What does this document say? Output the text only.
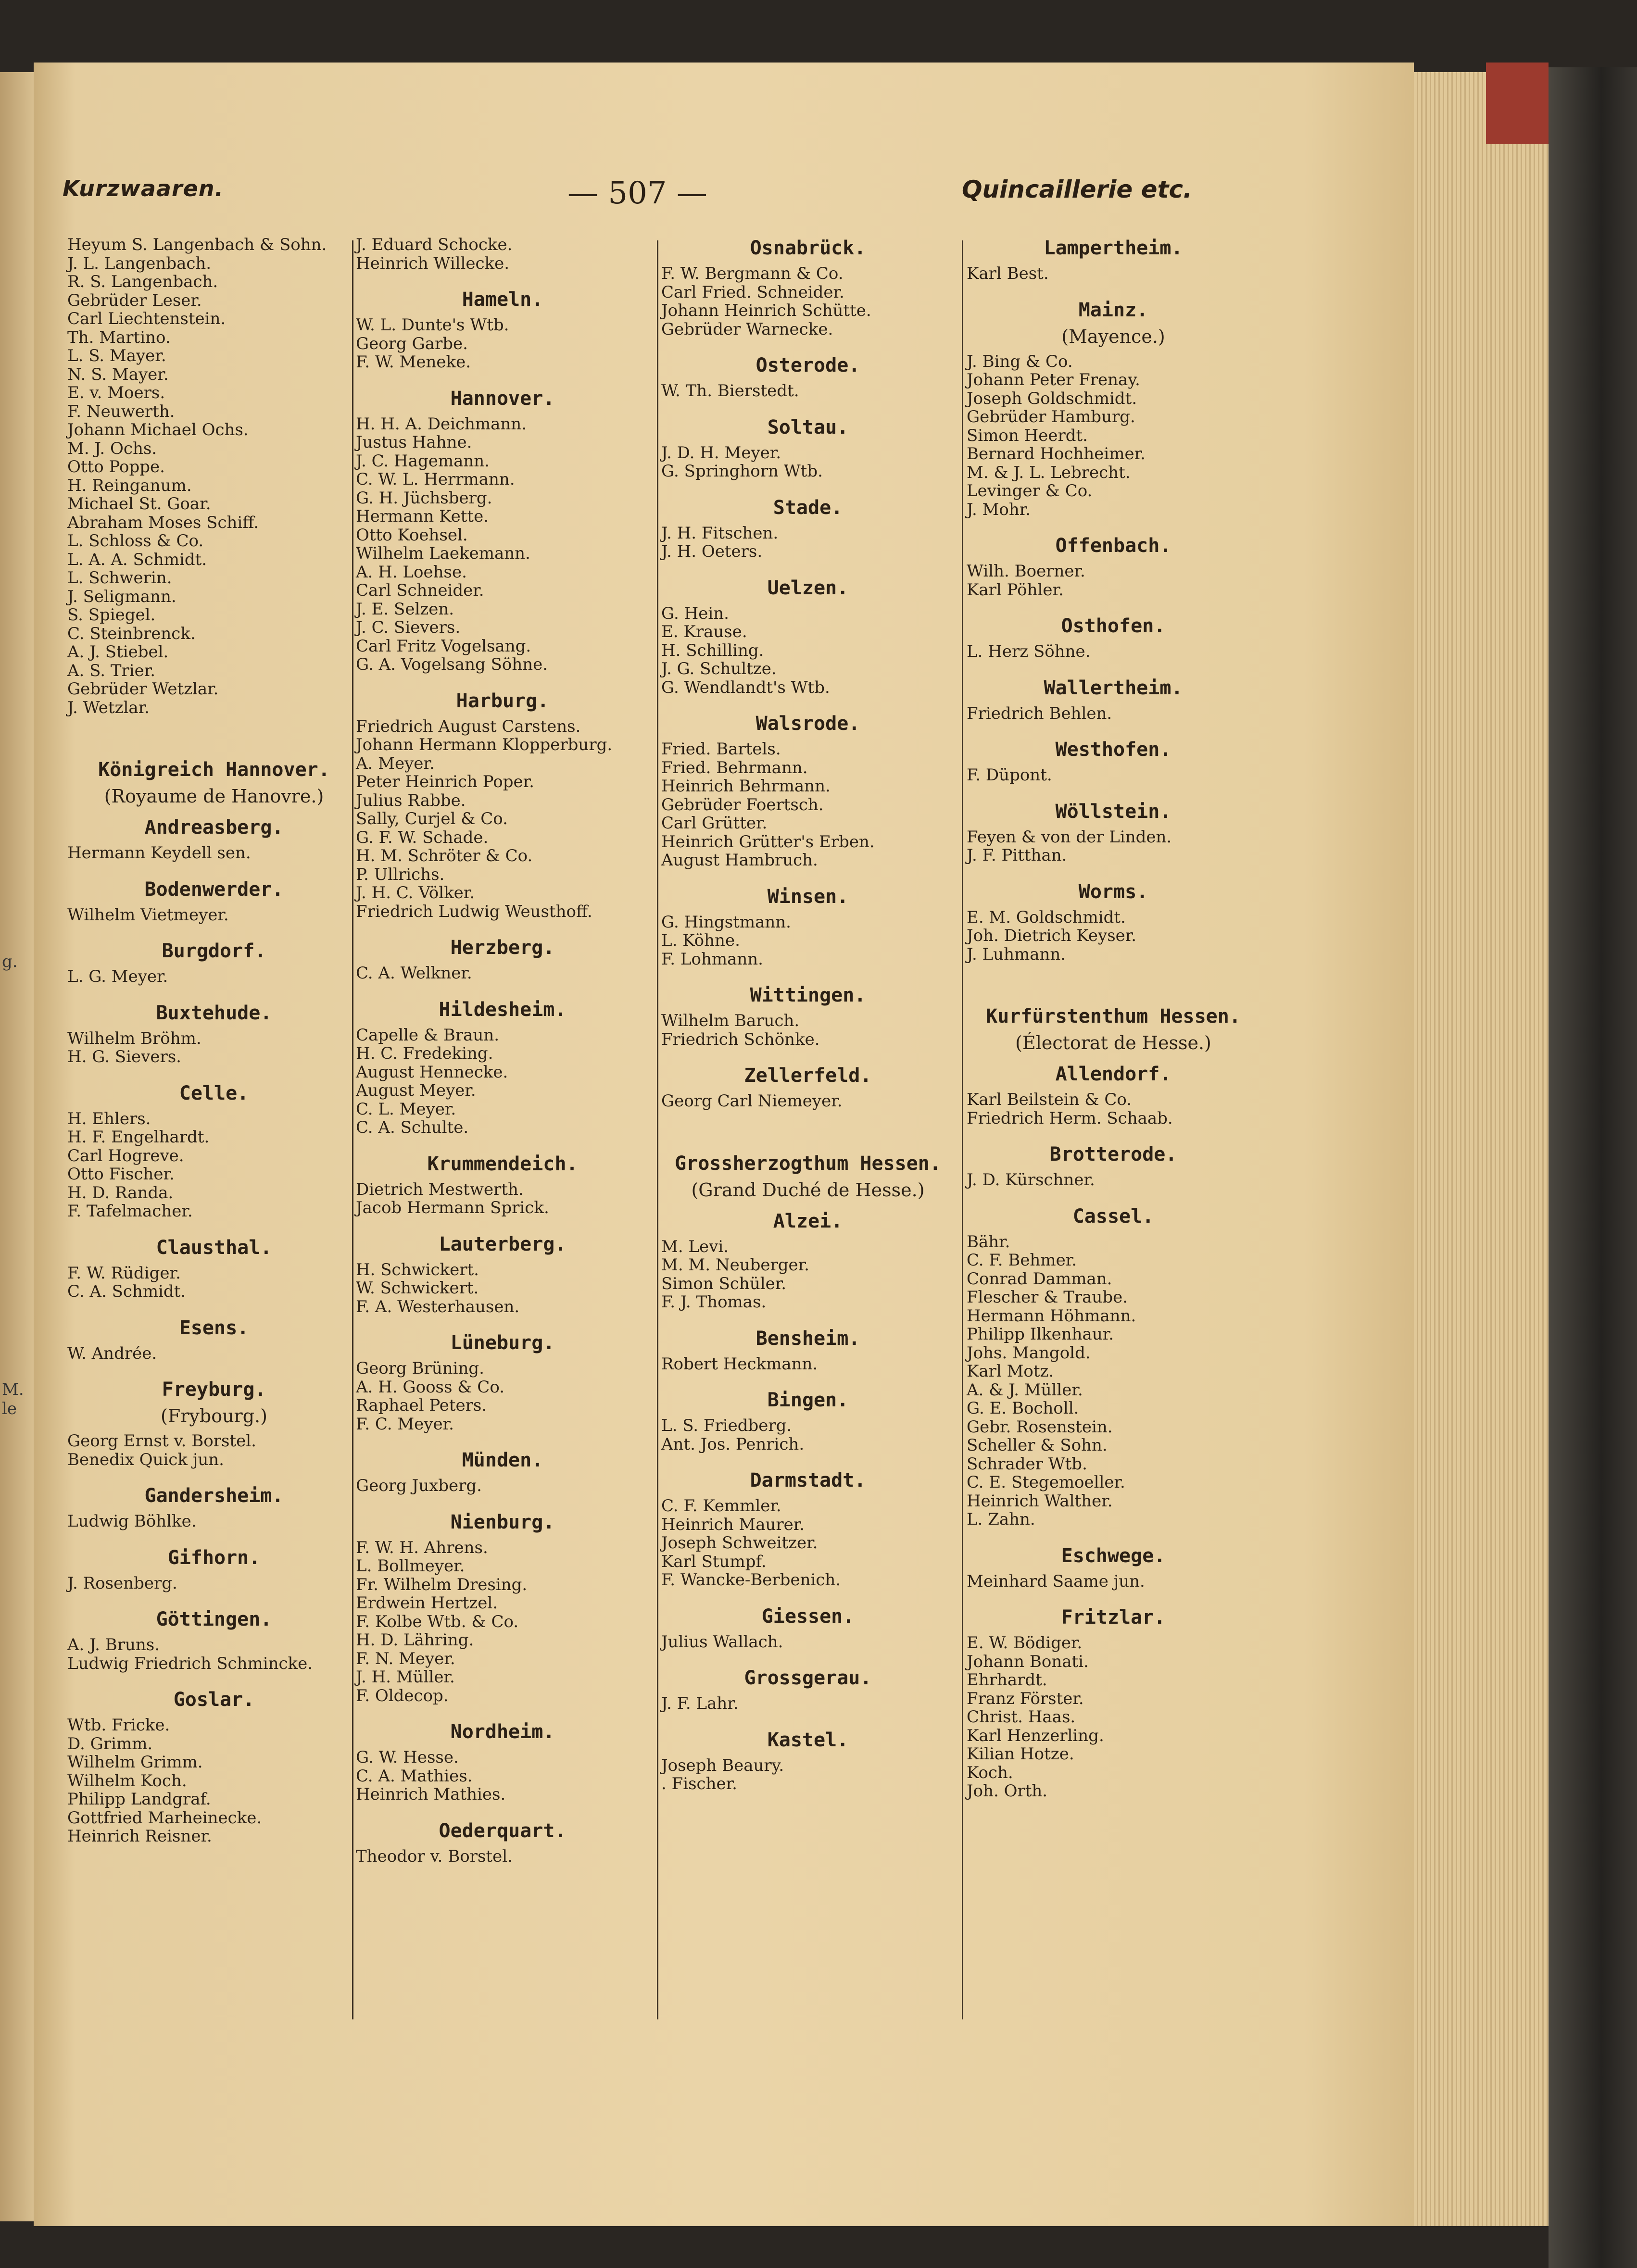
g.
M.
le
Kurzwaaren.	— 507 —	Quincaillerie etc.
Heyum S. Langenbach & Sohn.
J. L. Langenbach.
R. S. Langenbach.
Gebrüder Leser.
Carl Liechtenstein.
Th. Martino.
L. S. Mayer.
N. S. Mayer.
E. v. Moers.
F. Neuwerth.
Johann Michael Ochs.
M. J. Ochs.
Otto Poppe.
H. Reinganum.
Michael St. Goar.
Abraham Moses Schiff.
L. Schloss & Co.
L. A. A. Schmidt.
L. Schwerin.
J. Seligmann.
S. Spiegel.
C. Steinbrenck.
A. J. Stiebel.
A. S. Trier.
Gebrüder Wetzlar.
J. Wetzlar.
Königreich Hannover.
(Royaume de Hanovre.)
Andreasberg.
Hermann Keydell sen.
Bodenwerder.
Wilhelm Vietmeyer.
Burgdorf.
L. G. Meyer.
Buxtehude.
Wilhelm Bröhm.
H. G. Sievers.
Celle.
H. Ehlers.
H. F. Engelhardt.
Carl Hogreve.
Otto Fischer.
H. D. Randa.
F. Tafelmacher.
Clausthal.
F. W. Rüdiger.
C. A. Schmidt.
Esens.
W. Andrée.
Freyburg.
(Frybourg.)
Georg Ernst v. Borstel.
Benedix Quick jun.
Gandersheim.
Ludwig Böhlke.
Gifhorn.
J. Rosenberg.
Göttingen.
A. J. Bruns.
Ludwig Friedrich Schmincke.
Goslar.
Wtb. Fricke.
D. Grimm.
Wilhelm Grimm.
Wilhelm Koch.
Philipp Landgraf.
Gottfried Marheinecke.
Heinrich Reisner.
J. Eduard Schocke.
Heinrich Willecke.
Hameln.
W. L. Dunte's Wtb.
Georg Garbe.
F. W. Meneke.
Hannover.
H. H. A. Deichmann.
Justus Hahne.
J. C. Hagemann.
C. W. L. Herrmann.
G. H. Jüchsberg.
Hermann Kette.
Otto Koehsel.
Wilhelm Laekemann.
A. H. Loehse.
Carl Schneider.
J. E. Selzen.
J. C. Sievers.
Carl Fritz Vogelsang.
G. A. Vogelsang Söhne.
Harburg.
Friedrich August Carstens.
Johann Hermann Klopperburg.
A. Meyer.
Peter Heinrich Poper.
Julius Rabbe.
Sally, Curjel & Co.
G. F. W. Schade.
H. M. Schröter & Co.
P. Ullrichs.
J. H. C. Völker.
Friedrich Ludwig Weusthoff.
Herzberg.
C. A. Welkner.
Hildesheim.
Capelle & Braun.
H. C. Fredeking.
August Hennecke.
August Meyer.
C. L. Meyer.
C. A. Schulte.
Krummendeich.
Dietrich Mestwerth.
Jacob Hermann Sprick.
Lauterberg.
H. Schwickert.
W. Schwickert.
F. A. Westerhausen.
Lüneburg.
Georg Brüning.
A. H. Gooss & Co.
Raphael Peters.
F. C. Meyer.
Münden.
Georg Juxberg.
Nienburg.
F. W. H. Ahrens.
L. Bollmeyer.
Fr. Wilhelm Dresing.
Erdwein Hertzel.
F. Kolbe Wtb. & Co.
H. D. Lähring.
F. N. Meyer.
J. H. Müller.
F. Oldecop.
Nordheim.
G. W. Hesse.
C. A. Mathies.
Heinrich Mathies.
Oederquart.
Theodor v. Borstel.
Osnabrück.
F. W. Bergmann & Co.
Carl Fried. Schneider.
Johann Heinrich Schütte.
Gebrüder Warnecke.
Osterode.
W. Th. Bierstedt.
Soltau.
J. D. H. Meyer.
G. Springhorn Wtb.
Stade.
J. H. Fitschen.
J. H. Oeters.
Uelzen.
G. Hein.
E. Krause.
H. Schilling.
J. G. Schultze.
G. Wendlandt's Wtb.
Walsrode.
Fried. Bartels.
Fried. Behrmann.
Heinrich Behrmann.
Gebrüder Foertsch.
Carl Grütter.
Heinrich Grütter's Erben.
August Hambruch.
Winsen.
G. Hingstmann.
L. Köhne.
F. Lohmann.
Wittingen.
Wilhelm Baruch.
Friedrich Schönke.
Zellerfeld.
Georg Carl Niemeyer.
Grossherzogthum Hessen.
(Grand Duché de Hesse.)
Alzei.
M. Levi.
M. M. Neuberger.
Simon Schüler.
F. J. Thomas.
Bensheim.
Robert Heckmann.
Bingen.
L. S. Friedberg.
Ant. Jos. Penrich.
Darmstadt.
C. F. Kemmler.
Heinrich Maurer.
Joseph Schweitzer.
Karl Stumpf.
F. Wancke-Berbenich.
Giessen.
Julius Wallach.
Grossgerau.
J. F. Lahr.
Kastel.
Joseph Beaury.
. Fischer.
Lampertheim.
Karl Best.
Mainz.
(Mayence.)
J. Bing & Co.
Johann Peter Frenay.
Joseph Goldschmidt.
Gebrüder Hamburg.
Simon Heerdt.
Bernard Hochheimer.
M. & J. L. Lebrecht.
Levinger & Co.
J. Mohr.
Offenbach.
Wilh. Boerner.
Karl Pöhler.
Osthofen.
L. Herz Söhne.
Wallertheim.
Friedrich Behlen.
Westhofen.
F. Düpont.
Wöllstein.
Feyen & von der Linden.
J. F. Pitthan.
Worms.
E. M. Goldschmidt.
Joh. Dietrich Keyser.
J. Luhmann.
Kurfürstenthum Hessen.
(Électorat de Hesse.)
Allendorf.
Karl Beilstein & Co.
Friedrich Herm. Schaab.
Brotterode.
J. D. Kürschner.
Cassel.
Bähr.
C. F. Behmer.
Conrad Damman.
Flescher & Traube.
Hermann Höhmann.
Philipp Ilkenhaur.
Johs. Mangold.
Karl Motz.
A. & J. Müller.
G. E. Bocholl.
Gebr. Rosenstein.
Scheller & Sohn.
Schrader Wtb.
C. E. Stegemoeller.
Heinrich Walther.
L. Zahn.
Eschwege.
Meinhard Saame jun.
Fritzlar.
E. W. Bödiger.
Johann Bonati.
Ehrhardt.
Franz Förster.
Christ. Haas.
Karl Henzerling.
Kilian Hotze.
Koch.
Joh. Orth.
